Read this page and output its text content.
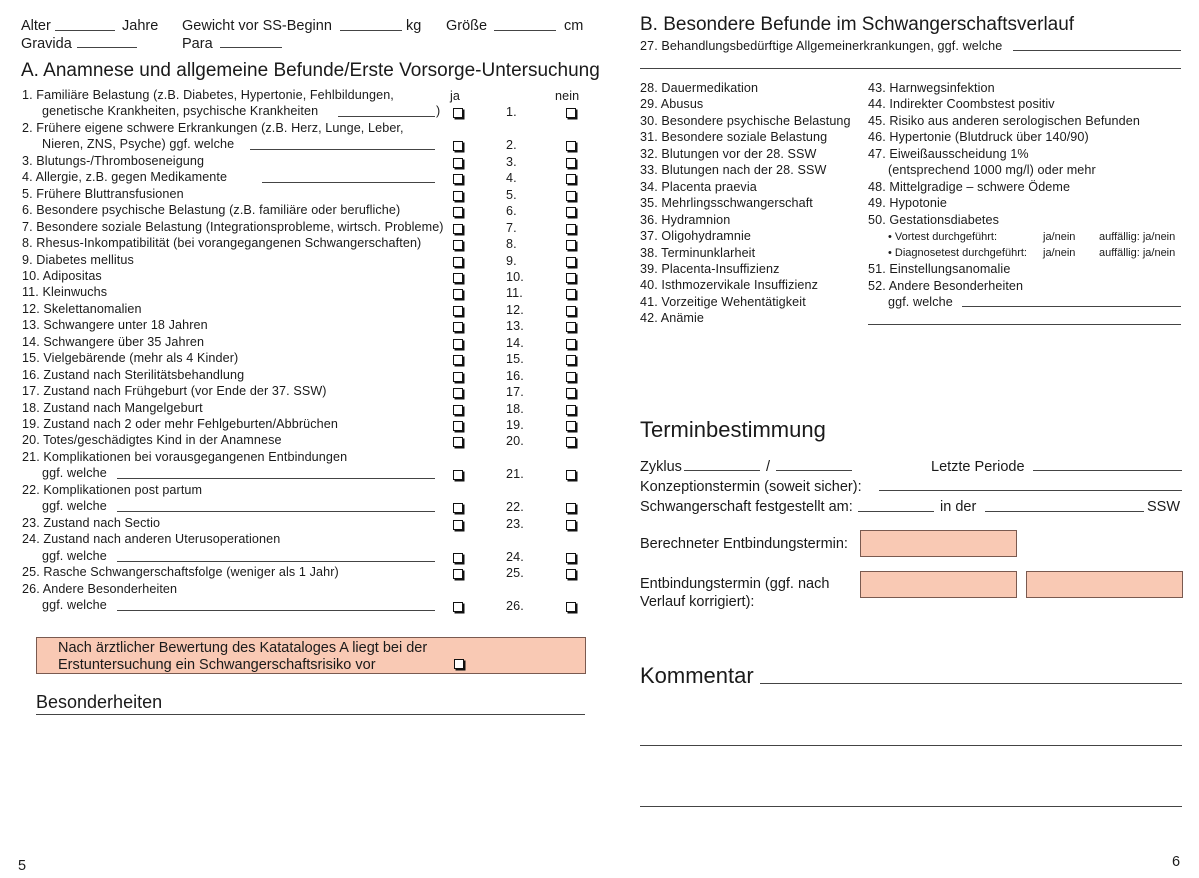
Alter	Jahre Gewicht vor SS-Beginn	kg Größe	cm
Gravida	Para
A. Anamnese und allgemeine Befunde/Erste Vorsorge-Untersuchung
ja	nein
1. Familiäre Belastung (z.B. Diabetes, Hypertonie, Fehlbildungen,
genetische Krankheiten, psychische Krankheiten	)	1.
2. Frühere eigene schwere Erkrankungen (z.B. Herz, Lunge, Leber,
Nieren, ZNS, Psyche) ggf. welche	2.
3. Blutungs-/Thromboseneigung	3.
4. Allergie, z.B. gegen Medikamente	4.
5. Frühere Bluttransfusionen	5.
6. Besondere psychische Belastung (z.B. familiäre oder berufliche)	6.
7. Besondere soziale Belastung (Integrationsprobleme, wirtsch. Probleme)	7.
8. Rhesus-Inkompatibilität (bei vorangegangenen Schwangerschaften)	8.
9. Diabetes mellitus	9.
10. Adipositas	10.
11. Kleinwuchs	11.
12. Skelettanomalien	12.
13. Schwangere unter 18 Jahren	13.
14. Schwangere über 35 Jahren	14.
15. Vielgebärende (mehr als 4 Kinder)	15.
16. Zustand nach Sterilitätsbehandlung	16.
17. Zustand nach Frühgeburt (vor Ende der 37. SSW)	17.
18. Zustand nach Mangelgeburt	18.
19. Zustand nach 2 oder mehr Fehlgeburten/Abbrüchen	19.
20. Totes/geschädigtes Kind in der Anamnese	20.
21. Komplikationen bei vorausgegangenen Entbindungen
ggf. welche	21.
22. Komplikationen post partum
ggf. welche	22.
23. Zustand nach Sectio	23.
24. Zustand nach anderen Uterusoperationen
ggf. welche	24.
25. Rasche Schwangerschaftsfolge (weniger als 1 Jahr)	25.
26. Andere Besonderheiten
ggf. welche	26.
Nach ärztlicher Bewertung des Katataloges A liegt bei der
Erstuntersuchung ein Schwangerschaftsrisiko vor
Besonderheiten
5
B. Besondere Befunde im Schwangerschaftsverlauf
27. Behandlungsbedürftige Allgemeinerkrankungen, ggf. welche
28. Dauermedikation
29. Abusus
30. Besondere psychische Belastung
31. Besondere soziale Belastung
32. Blutungen vor der 28. SSW
33. Blutungen nach der 28. SSW
34. Placenta praevia
35. Mehrlingsschwangerschaft
36. Hydramnion
37. Oligohydramnie
38. Terminunklarheit
39. Placenta-Insuffizienz
40. Isthmozervikale Insuffizienz
41. Vorzeitige Wehentätigkeit
42. Anämie
43. Harnwegsinfektion
44. Indirekter Coombstest positiv
45. Risiko aus anderen serologischen Befunden
46. Hypertonie (Blutdruck über 140/90)
47. Eiweißausscheidung 1%
(entsprechend 1000 mg/l) oder mehr
48. Mittelgradige – schwere Ödeme
49. Hypotonie
50. Gestationsdiabetes
• Vortest durchgeführt:	ja/nein auffällig: ja/nein
• Diagnosetest durchgeführt: ja/nein auffällig: ja/nein
51. Einstellungsanomalie
52. Andere Besonderheiten
ggf. welche
Terminbestimmung
Zyklus	/	Letzte Periode
Konzeptionstermin (soweit sicher):
Schwangerschaft festgestellt am:	in der	SSW
Berechneter Entbindungstermin:
Entbindungstermin (ggf. nach
Verlauf korrigiert):
Kommentar
6
